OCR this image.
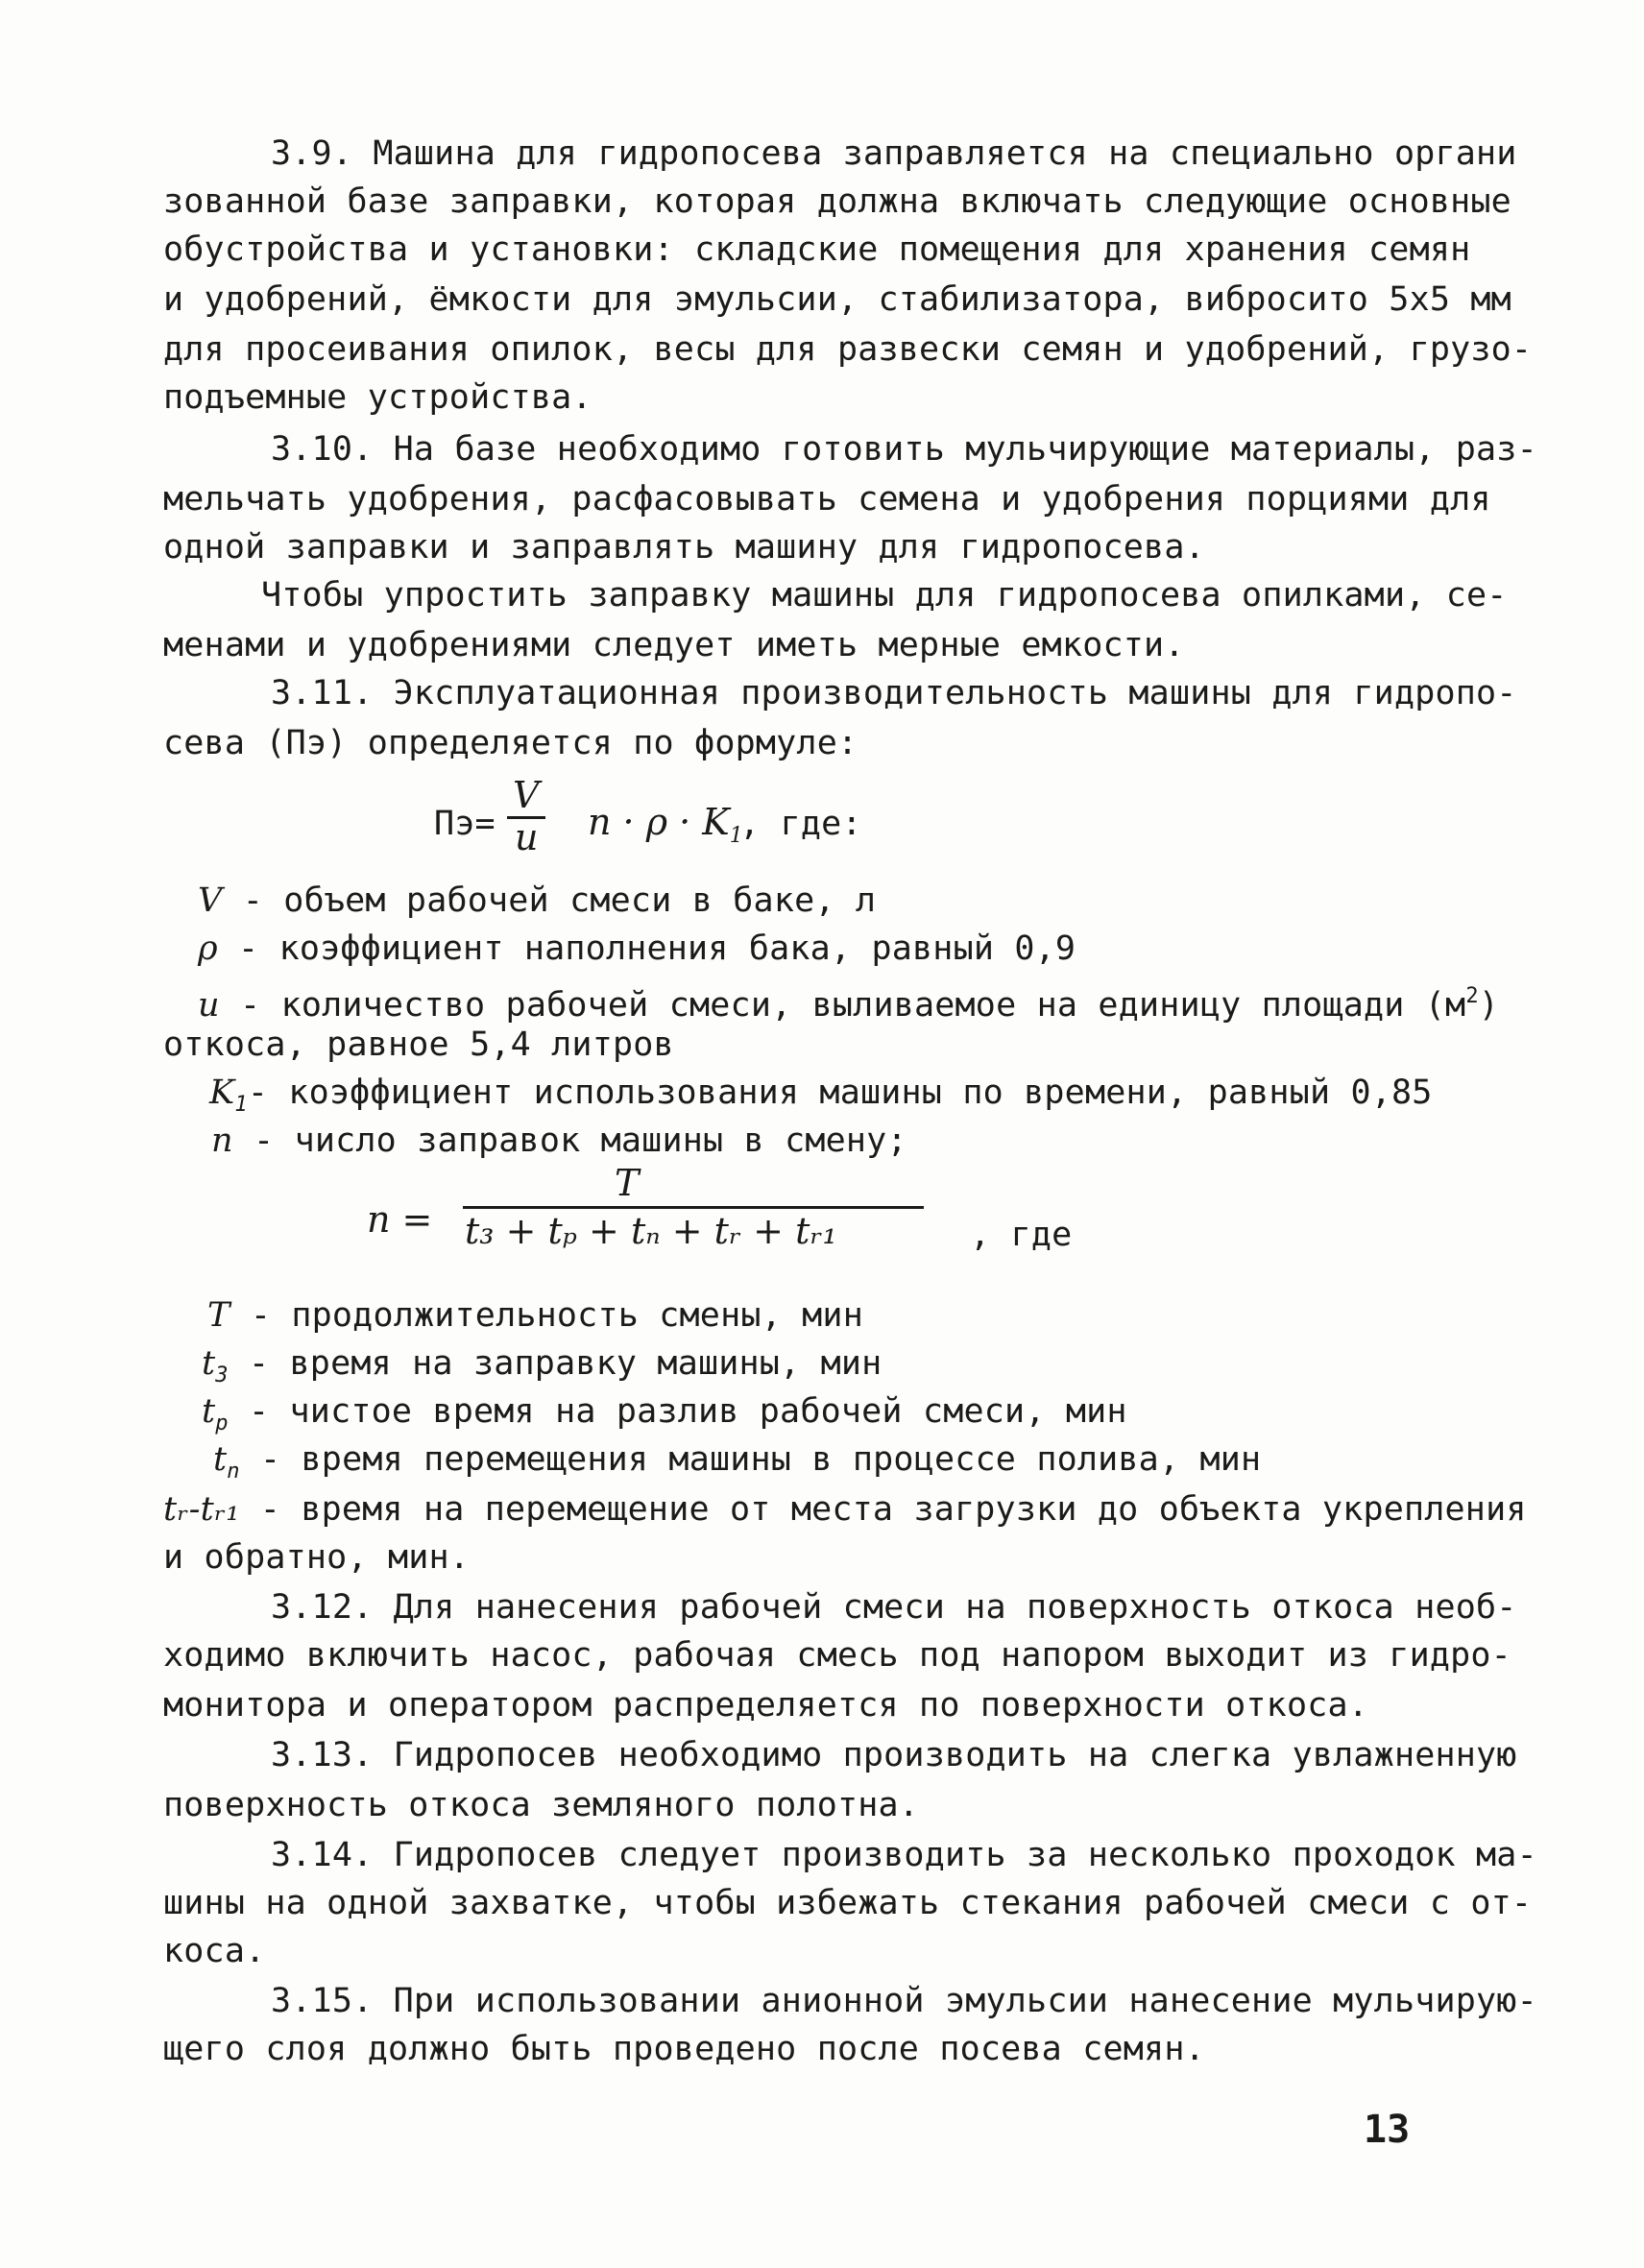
3.9. Машина для гидропосева заправляется на специально органи
зованной базе заправки, которая должна включать следующие основные
обустройства и установки: складские помещения для хранения семян
и удобрений, ёмкости для эмульсии, стабилизатора, вибросито 5х5 мм
для просеивания опилок, весы для развески семян и удобрений, грузо-
подъемные устройства.
3.10. На базе необходимо готовить мульчирующие материалы, раз-
мельчать удобрения, расфасовывать семена и удобрения порциями для
одной заправки и заправлять машину для гидропосева.
Чтобы упростить заправку машины для гидропосева опилками, се-
менами и удобрениями следует иметь мерные емкости.
3.11. Эксплуатационная производительность машины для гидропо-
сева (Пэ) определяется по формуле:
Пэ=
V
u $n \cdot \rho \cdot K_1$
, где:
V - объем рабочей смеси в баке, л
ρ - коэффициент наполнения бака, равный 0,9
u - количество рабочей смеси, выливаемое на единицу площади $(м^2)$
откоса, равное 5,4 литров
$K_1-$ коэффициент использования машины по времени, равный 0,85
n - число заправок машины в смену;
n =
T
t₃ + tₚ + tₙ + tᵣ + tᵣ₁	, где
T - продолжительность смены, мин
$t_3$ - время на заправку машины, мин
$t_p$ - чистое время на разлив рабочей смеси, мин
$t_n$ - время перемещения машины в процессе полива, мин
tᵣ-tᵣ₁ - время на перемещение от места загрузки до объекта укрепления
и обратно, мин.
3.12. Для нанесения рабочей смеси на поверхность откоса необ-
ходимо включить насос, рабочая смесь под напором выходит из гидро-
монитора и оператором распределяется по поверхности откоса.
3.13. Гидропосев необходимо производить на слегка увлажненную
поверхность откоса земляного полотна.
3.14. Гидропосев следует производить за несколько проходок ма-
шины на одной захватке, чтобы избежать стекания рабочей смеси с от-
коса.
3.15. При использовании анионной эмульсии нанесение мульчирую-
щего слоя должно быть проведено после посева семян.
13
